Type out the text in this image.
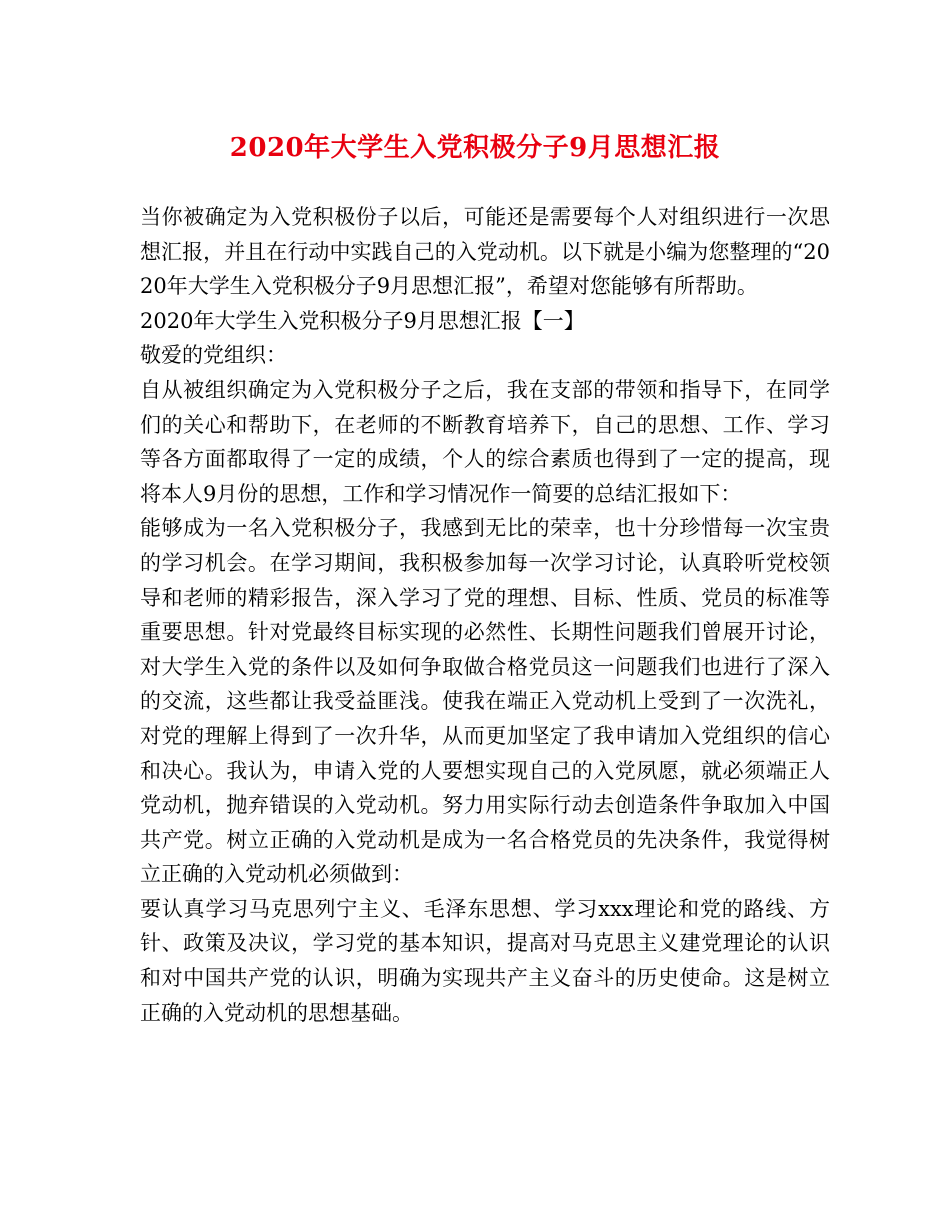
2020年大学生入党积极分子9月思想汇报

当你被确定为入党积极份子以后，可能还是需要每个人对组织进行一次思想汇报，并且在行动中实践自己的入党动机。以下就是小编为您整理的“2020年大学生入党积极分子9月思想汇报”，希望对您能够有所帮助。

2020年大学生入党积极分子9月思想汇报【一】

敬爱的党组织：

自从被组织确定为入党积极分子之后，我在支部的带领和指导下，在同学们的关心和帮助下，在老师的不断教育培养下，自己的思想、工作、学习等各方面都取得了一定的成绩，个人的综合素质也得到了一定的提高，现将本人9月份的思想，工作和学习情况作一简要的总结汇报如下：

能够成为一名入党积极分子，我感到无比的荣幸，也十分珍惜每一次宝贵的学习机会。在学习期间，我积极参加每一次学习讨论，认真聆听党校领导和老师的精彩报告，深入学习了党的理想、目标、性质、党员的标准等重要思想。针对党最终目标实现的必然性、长期性问题我们曾展开讨论，对大学生入党的条件以及如何争取做合格党员这一问题我们也进行了深入的交流，这些都让我受益匪浅。使我在端正入党动机上受到了一次洗礼，对党的理解上得到了一次升华，从而更加坚定了我申请加入党组织的信心和决心。我认为，申请入党的人要想实现自己的入党夙愿，就必须端正人党动机，抛弃错误的入党动机。努力用实际行动去创造条件争取加入中国共产党。树立正确的入党动机是成为一名合格党员的先决条件，我觉得树立正确的入党动机必须做到：

要认真学习马克思列宁主义、毛泽东思想、学习xxx理论和党的路线、方针、政策及决议，学习党的基本知识，提高对马克思主义建党理论的认识和对中国共产党的认识，明确为实现共产主义奋斗的历史使命。这是树立正确的入党动机的思想基础。
